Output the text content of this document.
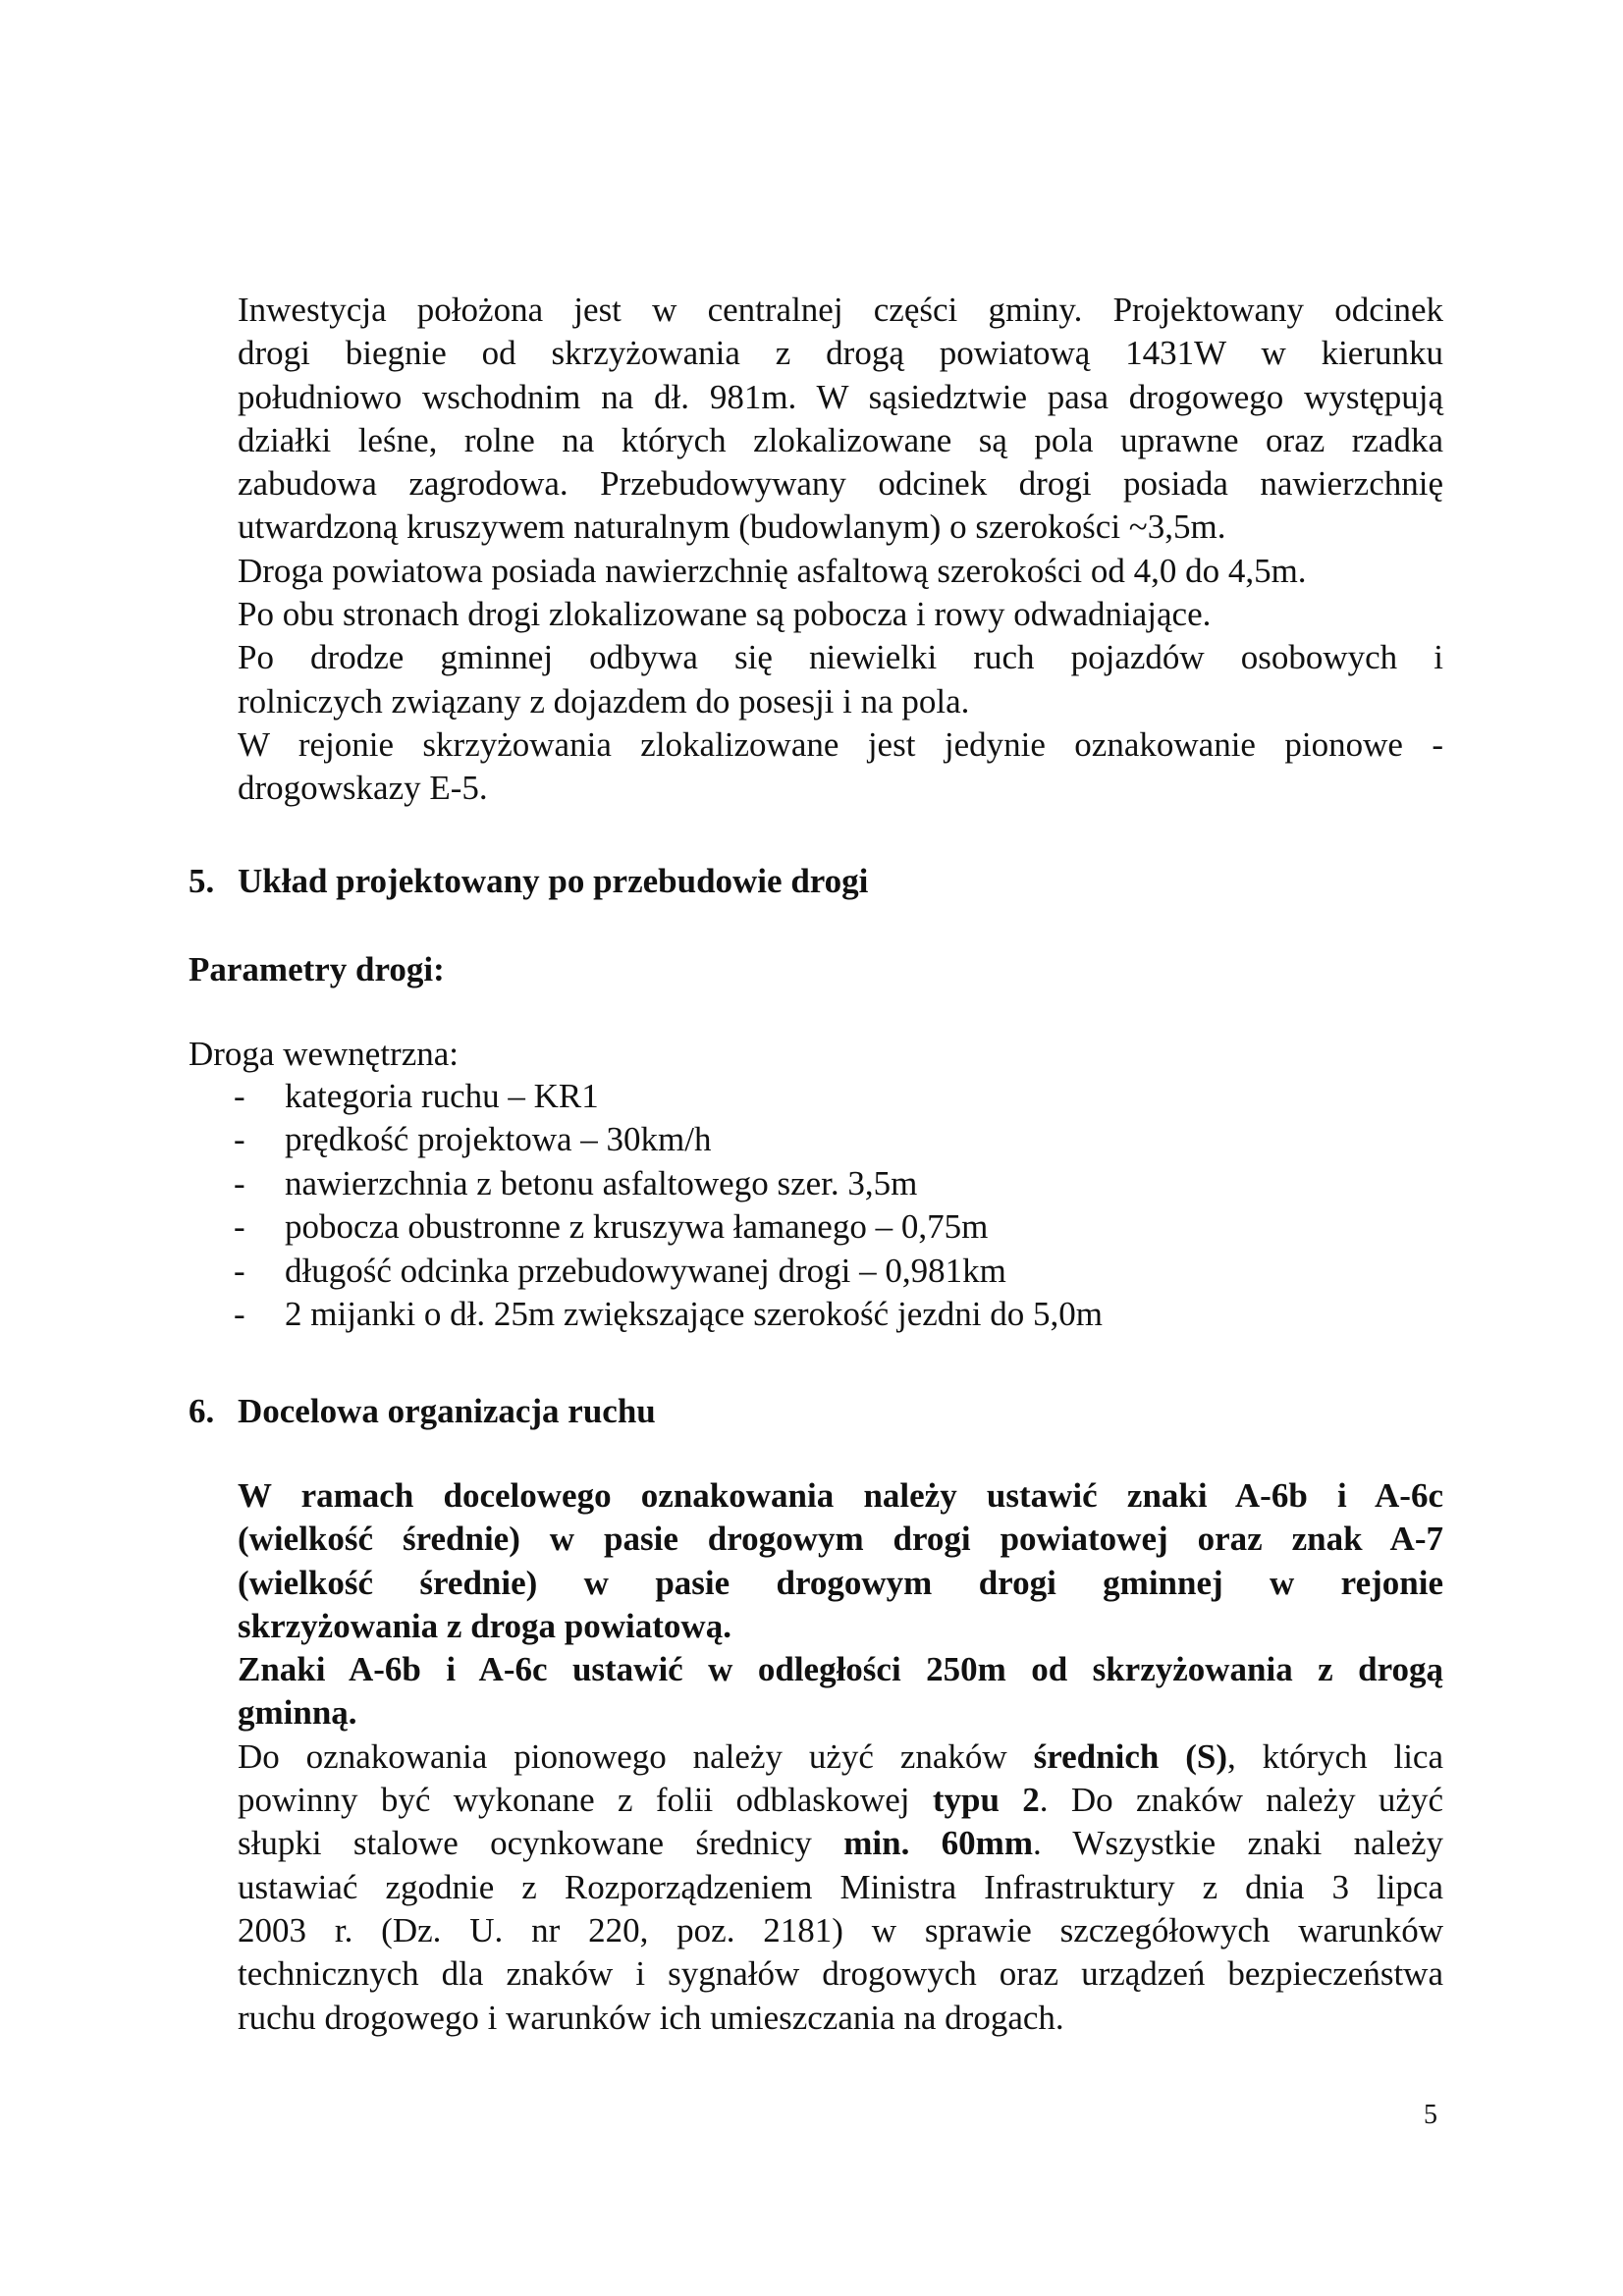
Inwestycja położona jest w centralnej części gminy. Projektowany odcinek
drogi biegnie od skrzyżowania z drogą powiatową 1431W w kierunku
południowo wschodnim na dł. 981m. W sąsiedztwie pasa drogowego występują
działki leśne, rolne na których zlokalizowane są pola uprawne oraz rzadka
zabudowa zagrodowa. Przebudowywany odcinek drogi posiada nawierzchnię
utwardzoną kruszywem naturalnym (budowlanym) o szerokości ~3,5m.

Droga powiatowa posiada nawierzchnię asfaltową szerokości od 4,0 do 4,5m.

Po obu stronach drogi zlokalizowane są pobocza i rowy odwadniające.

Po drodze gminnej odbywa się niewielki ruch pojazdów osobowych i
rolniczych związany z dojazdem do posesji i na pola.

W rejonie skrzyżowania zlokalizowane jest jedynie oznakowanie pionowe -
drogowskazy E-5.

5. Układ projektowany po przebudowie drogi
Parametry drogi:

Droga wewnętrzna:

- kategoria ruchu – KR1
- prędkość projektowa – 30km/h
- nawierzchnia z betonu asfaltowego szer. 3,5m
- pobocza obustronne z kruszywa łamanego – 0,75m
- długość odcinka przebudowywanej drogi – 0,981km
- 2 mijanki o dł. 25m zwiększające szerokość jezdni do 5,0m
6. Docelowa organizacja ruchu

W ramach docelowego oznakowania należy ustawić znaki A-6b i A-6c
(wielkość średnie) w pasie drogowym drogi powiatowej oraz znak A-7
(wielkość średnie) w pasie drogowym drogi gminnej w rejonie
skrzyżowania z droga powiatową.

Znaki A-6b i A-6c ustawić w odległości 250m od skrzyżowania z drogą
gminną.

Do oznakowania pionowego należy użyć znaków średnich (S), których lica
powinny być wykonane z folii odblaskowej typu 2. Do znaków należy użyć
słupki stalowe ocynkowane średnicy min. 60mm. Wszystkie znaki należy
ustawiać zgodnie z Rozporządzeniem Ministra Infrastruktury z dnia 3 lipca
2003 r. (Dz. U. nr 220, poz. 2181) w sprawie szczegółowych warunków
technicznych dla znaków i sygnałów drogowych oraz urządzeń bezpieczeństwa
ruchu drogowego i warunków ich umieszczania na drogach.

5
